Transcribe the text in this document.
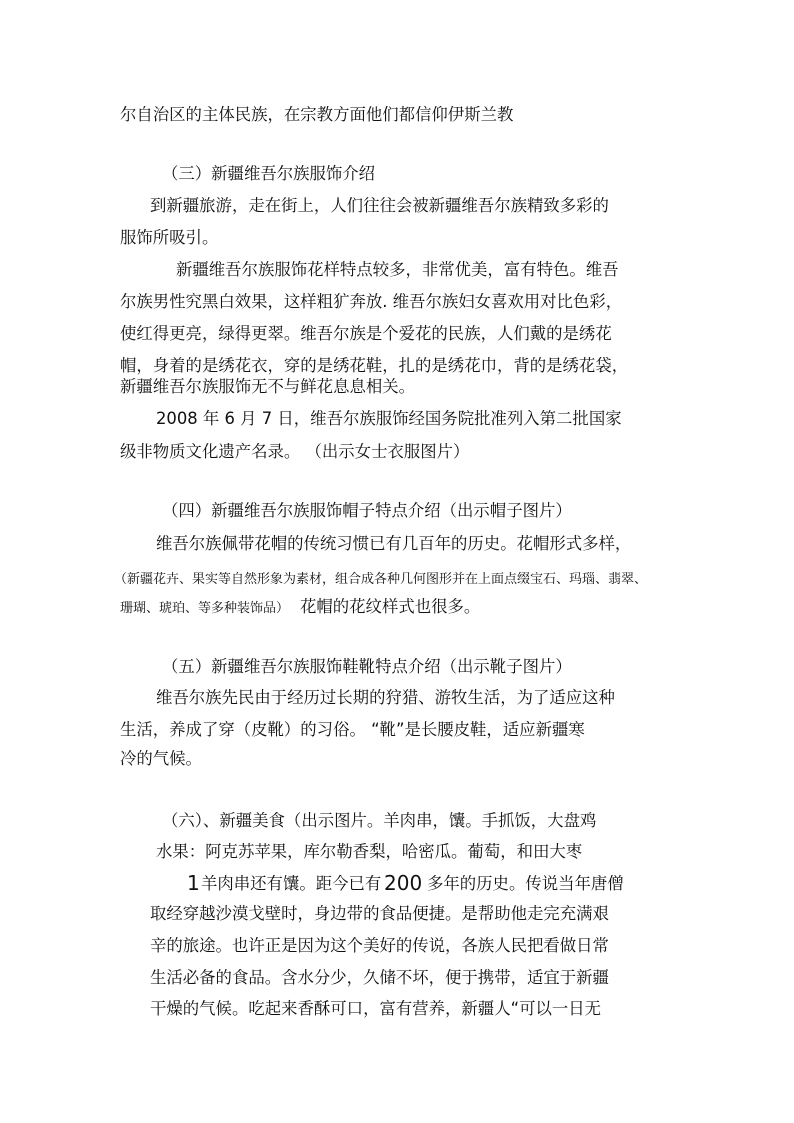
尔自治区的主体民族，在宗教方面他们都信仰伊斯兰教
（三）新疆维吾尔族服饰介绍
到新疆旅游，走在街上，人们往往会被新疆维吾尔族精致多彩的
服饰所吸引。
新疆维吾尔族服饰花样特点较多，非常优美，富有特色。维吾
尔族男性究黑白效果，这样粗犷奔放. 维吾尔族妇女喜欢用对比色彩，
使红得更亮，绿得更翠。维吾尔族是个爱花的民族，人们戴的是绣花
帽，身着的是绣花衣，穿的是绣花鞋，扎的是绣花巾，背的是绣花袋，
新疆维吾尔族服饰无不与鲜花息息相关。
2008 年 6 月 7 日，维吾尔族服饰经国务院批准列入第二批国家
级非物质文化遗产名录。 （出示女士衣服图片）
（四）新疆维吾尔族服饰帽子特点介绍（出示帽子图片）
维吾尔族佩带花帽的传统习惯已有几百年的历史。花帽形式多样，
（新疆花卉、果实等自然形象为素材，组合成各种几何图形并在上面点缀宝石、玛瑙、翡翠、
珊瑚、琥珀、等多种装饰品） 花帽的花纹样式也很多。
（五）新疆维吾尔族服饰鞋靴特点介绍（出示靴子图片）
维吾尔族先民由于经历过长期的狩猎、游牧生活，为了适应这种
生活，养成了穿（皮靴）的习俗。 “靴”是长腰皮鞋，适应新疆寒
冷的气候。
（六）、新疆美食（出示图片。羊肉串，馕。手抓饭，大盘鸡
水果：阿克苏苹果，库尔勒香梨，哈密瓜。葡萄，和田大枣
1 羊肉串还有馕。距今已有 200 多年的历史。传说当年唐僧
取经穿越沙漠戈壁时，身边带的食品便捷。是帮助他走完充满艰
辛的旅途。也许正是因为这个美好的传说，各族人民把看做日常
生活必备的食品。含水分少，久储不坏，便于携带，适宜于新疆
干燥的气候。吃起来香酥可口，富有营养，新疆人“可以一日无
